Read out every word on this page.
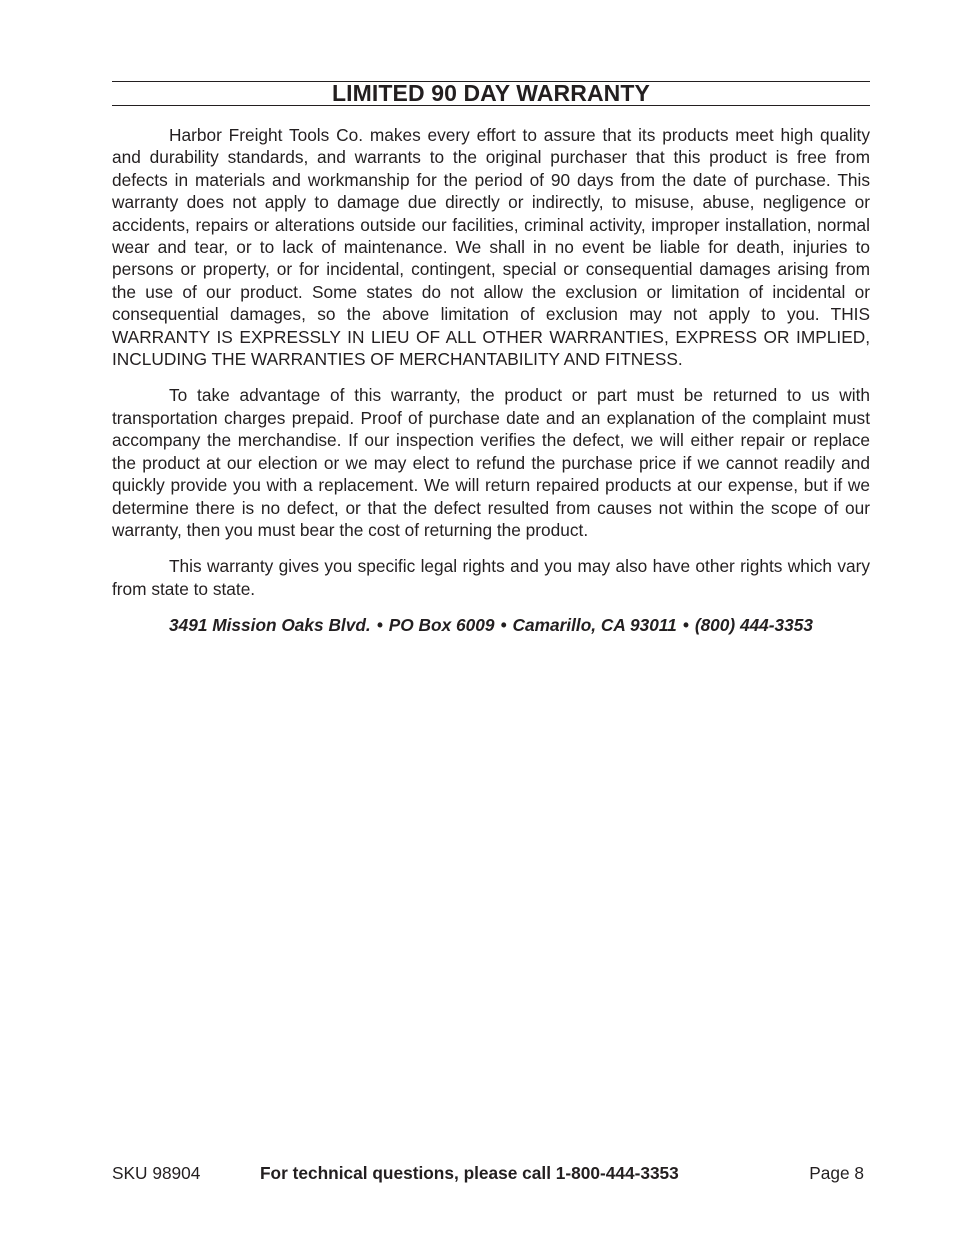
LIMITED 90 DAY WARRANTY

Harbor Freight Tools Co. makes every effort to assure that its products meet high quality and durability standards, and warrants to the original purchaser that this product is free from defects in materials and workmanship for the period of 90 days from the date of purchase. This warranty does not apply to damage due directly or indirectly, to misuse, abuse, negligence or accidents, repairs or alterations outside our facilities, criminal activity, improper installation, normal wear and tear, or to lack of maintenance. We shall in no event be liable for death, injuries to persons or property, or for incidental, contingent, special or consequential damages arising from the use of our product. Some states do not allow the exclusion or limitation of incidental or consequential damages, so the above limitation of exclusion may not apply to you. THIS WARRANTY IS EXPRESSLY IN LIEU OF ALL OTHER WARRANTIES, EXPRESS OR IMPLIED, INCLUDING THE WARRANTIES OF MERCHANTABILITY AND FITNESS.

To take advantage of this warranty, the product or part must be returned to us with transportation charges prepaid. Proof of purchase date and an explanation of the complaint must accompany the merchandise. If our inspection verifies the defect, we will either repair or replace the product at our election or we may elect to refund the purchase price if we cannot readily and quickly provide you with a replacement. We will return repaired products at our expense, but if we determine there is no defect, or that the defect resulted from causes not within the scope of our warranty, then you must bear the cost of returning the product.

This warranty gives you specific legal rights and you may also have other rights which vary from state to state.

3491 Mission Oaks Blvd. • PO Box 6009 • Camarillo, CA 93011 • (800) 444-3353
SKU 98904	For technical questions, please call 1-800-444-3353	Page 8
